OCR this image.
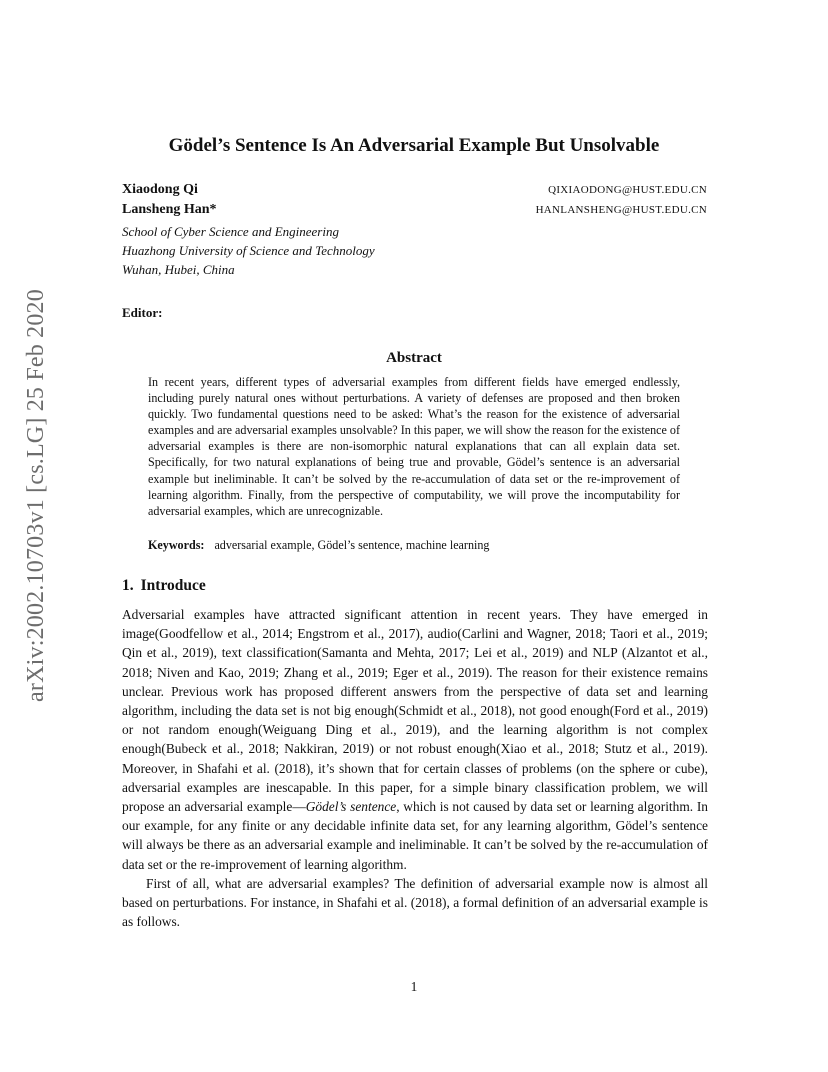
arXiv:2002.10703v1 [cs.LG] 25 Feb 2020
Gödel’s Sentence Is An Adversarial Example But Unsolvable
Xiaodong Qi	QIXIAODONG@HUST.EDU.CN
Lansheng Han*	HANLANSHENG@HUST.EDU.CN
School of Cyber Science and Engineering
Huazhong University of Science and Technology
Wuhan, Hubei, China
Editor:
Abstract

In recent years, different types of adversarial examples from different fields have emerged endlessly, including purely natural ones without perturbations. A variety of defenses are proposed and then broken quickly. Two fundamental questions need to be asked: What’s the reason for the existence of adversarial examples and are adversarial examples unsolvable? In this paper, we will show the reason for the existence of adversarial examples is there are non-isomorphic natural explanations that can all explain data set. Specifically, for two natural explanations of being true and provable, Gödel’s sentence is an adversarial example but ineliminable. It can’t be solved by the re-accumulation of data set or the re-improvement of learning algorithm. Finally, from the perspective of computability, we will prove the incomputability for adversarial examples, which are unrecognizable.

Keywords: adversarial example, Gödel’s sentence, machine learning

1. Introduce

Adversarial examples have attracted significant attention in recent years. They have emerged in image(Goodfellow et al., 2014; Engstrom et al., 2017), audio(Carlini and Wagner, 2018; Taori et al., 2019; Qin et al., 2019), text classification(Samanta and Mehta, 2017; Lei et al., 2019) and NLP (Alzantot et al., 2018; Niven and Kao, 2019; Zhang et al., 2019; Eger et al., 2019). The reason for their existence remains unclear. Previous work has proposed different answers from the perspective of data set and learning algorithm, including the data set is not big enough(Schmidt et al., 2018), not good enough(Ford et al., 2019) or not random enough(Weiguang Ding et al., 2019), and the learning algorithm is not complex enough(Bubeck et al., 2018; Nakkiran, 2019) or not robust enough(Xiao et al., 2018; Stutz et al., 2019). Moreover, in Shafahi et al. (2018), it’s shown that for certain classes of problems (on the sphere or cube), adversarial examples are inescapable. In this paper, for a simple binary classification problem, we will propose an adversarial example—Gödel’s sentence, which is not caused by data set or learning algorithm. In our example, for any finite or any decidable infinite data set, for any learning algorithm, Gödel’s sentence will always be there as an adversarial example and ineliminable. It can’t be solved by the re-accumulation of data set or the re-improvement of learning algorithm.

First of all, what are adversarial examples? The definition of adversarial example now is almost all based on perturbations. For instance, in Shafahi et al. (2018), a formal definition of an adversarial example is as follows.

1
